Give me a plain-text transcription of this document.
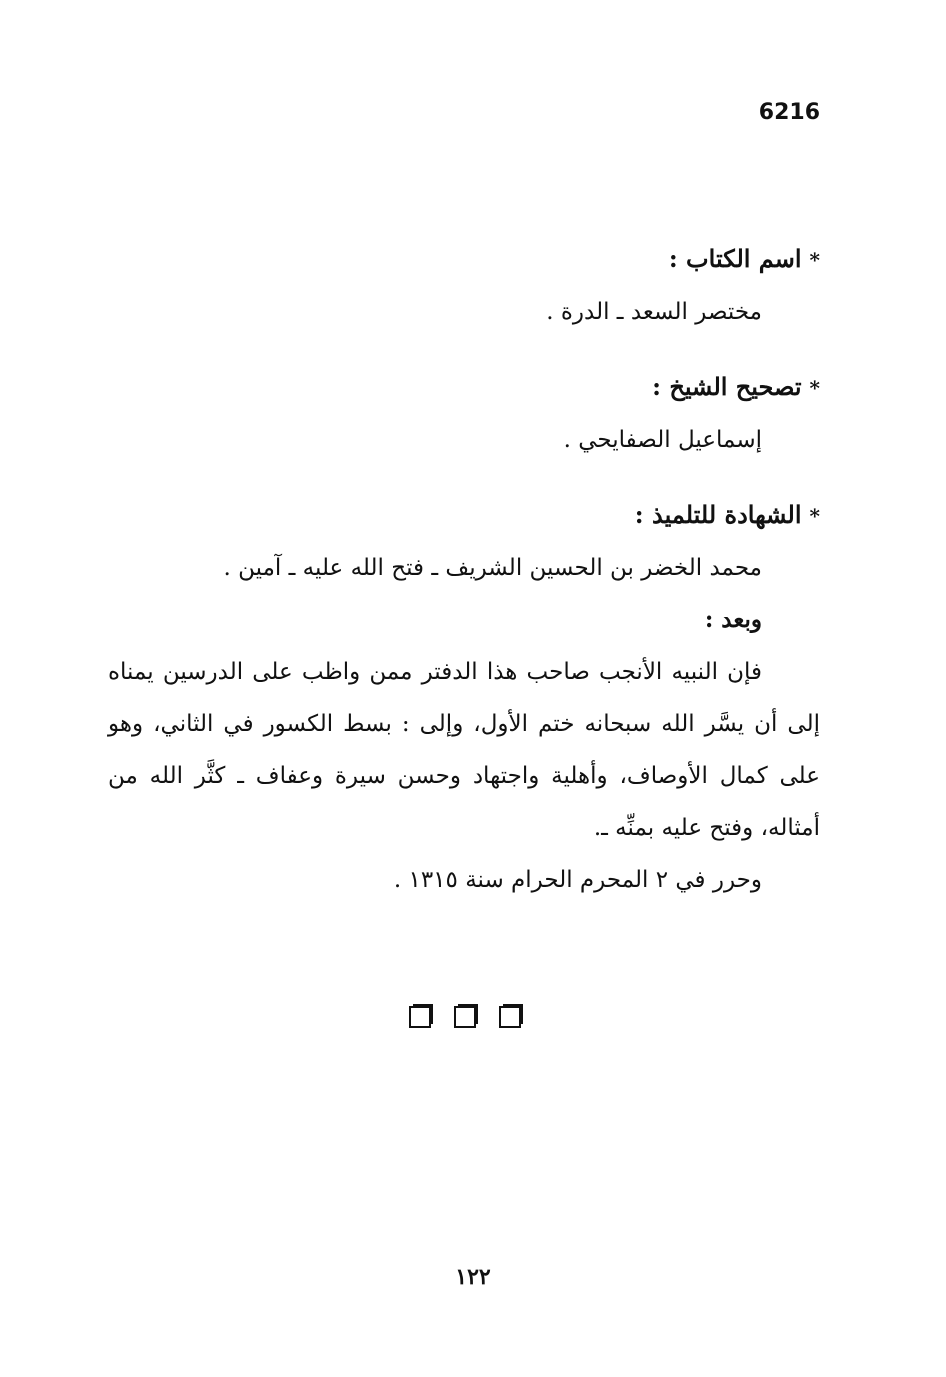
6216
*اسم الكتاب :
مختصر السعد ـ الدرة .
*تصحيح الشيخ :
إسماعيل الصفايحي .
*الشهادة للتلميذ :
محمد الخضر بن الحسين الشريف ـ فتح الله عليه ـ آمين .
وبعد :
فإن النبيه الأنجب صاحب هذا الدفتر ممن واظب على الدرسين يمناه إلى أن يسَّر الله سبحانه ختم الأول، وإلى : بسط الكسور في الثاني، وهو على كمال الأوصاف، وأهلية واجتهاد وحسن سيرة وعفاف ـ كثَّر الله من أمثاله، وفتح عليه بمنِّه ـ.
وحرر في ٢ المحرم الحرام سنة ١٣١٥ .
١٢٢
